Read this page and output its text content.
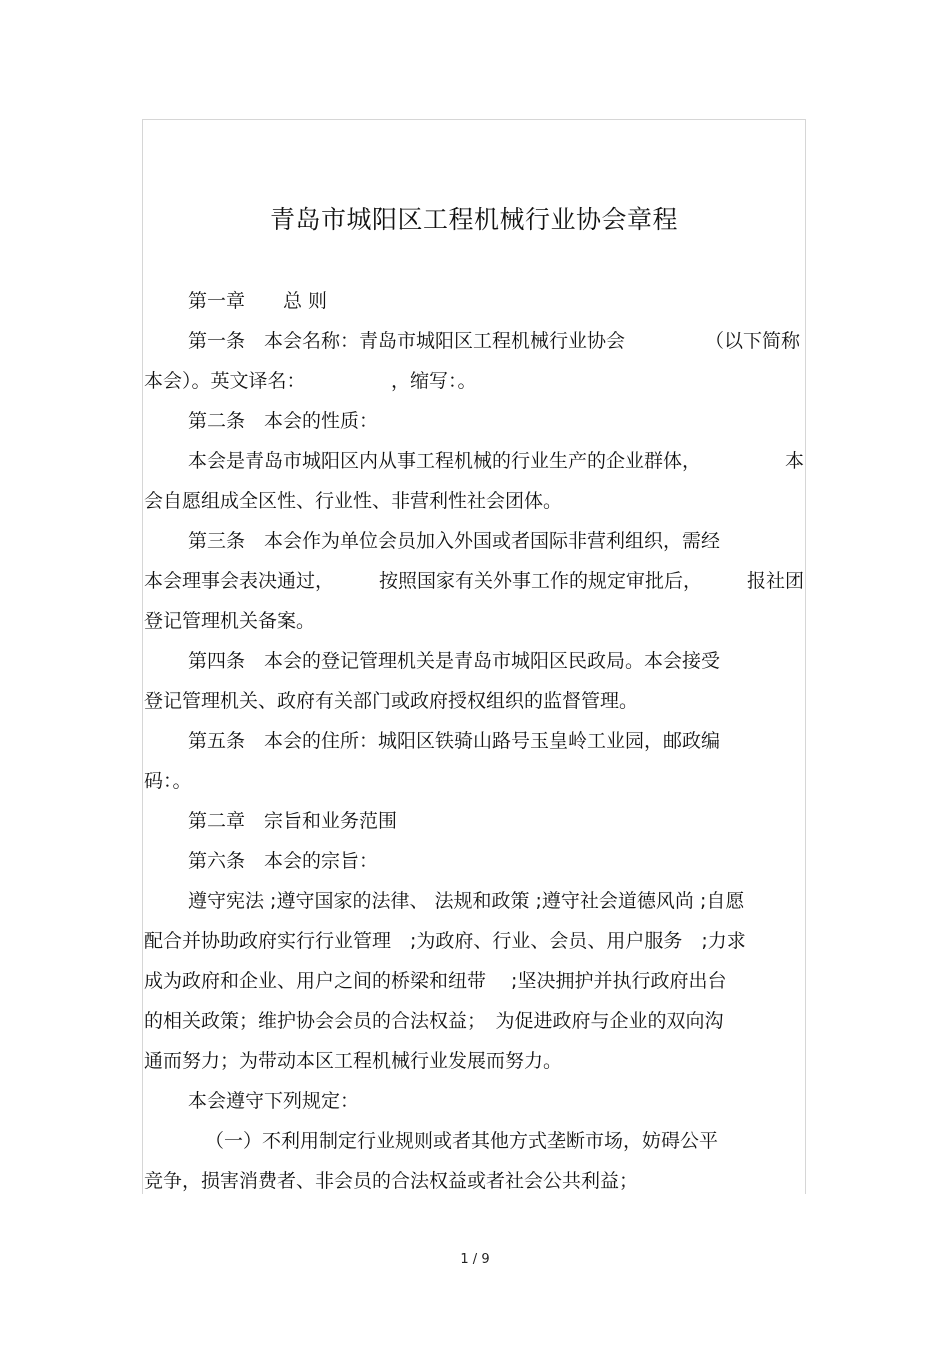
青岛市城阳区工程机械行业协会章程
第一章　　总 则
第一条　本会名称：青岛市城阳区工程机械行业协会	（以下简称
本会）。英文译名：　　　　　，缩写：。
第二条　本会的性质：
本会是青岛市城阳区内从事工程机械的行业生产的企业群体，	本
会自愿组成全区性、行业性、非营利性社会团体。
第三条　本会作为单位会员加入外国或者国际非营利组织，需经
本会理事会表决通过， 按照国家有关外事工作的规定审批后， 报社团
登记管理机关备案。
第四条　本会的登记管理机关是青岛市城阳区民政局。本会接受
登记管理机关、政府有关部门或政府授权组织的监督管理。
第五条　本会的住所：城阳区铁骑山路号玉皇岭工业园，邮政编
码：。
第二章　宗旨和业务范围
第六条　本会的宗旨：
遵守宪法 ;遵守国家的法律、 法规和政策 ;遵守社会道德风尚 ;自愿
配合并协助政府实行行业管理　;为政府、行业、会员、用户服务　;力求
成为政府和企业、用户之间的桥梁和纽带　 ;坚决拥护并执行政府出台
的相关政策；维护协会会员的合法权益；　为促进政府与企业的双向沟
通而努力；为带动本区工程机械行业发展而努力。
本会遵守下列规定：
（一）不利用制定行业规则或者其他方式垄断市场，妨碍公平
竞争，损害消费者、非会员的合法权益或者社会公共利益；
1 / 9
